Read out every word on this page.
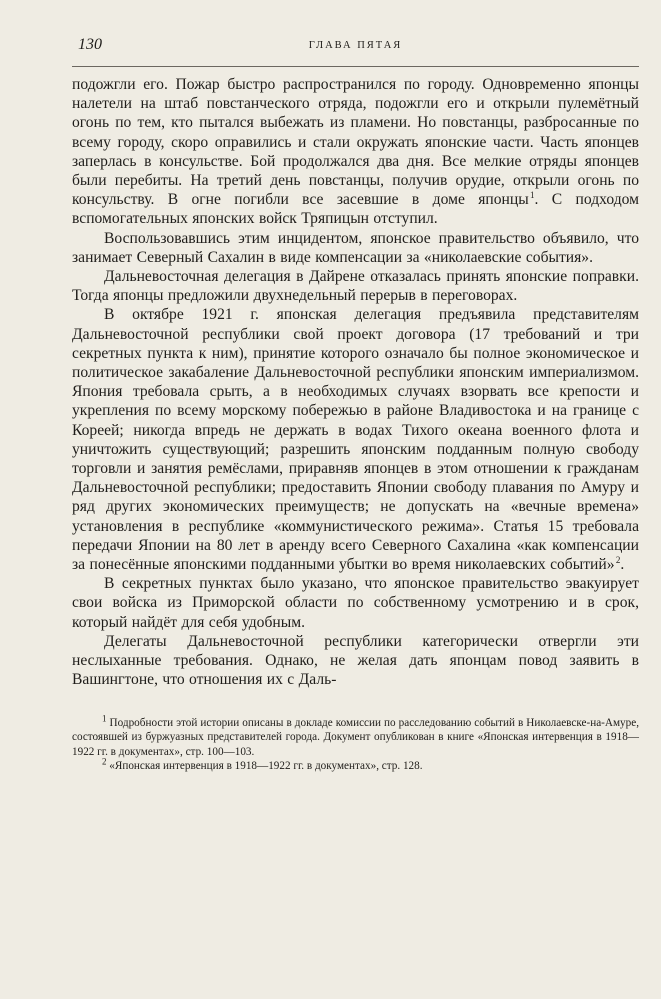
130	ГЛАВА ПЯТАЯ

подожгли его. Пожар быстро распространился по городу. Одновременно японцы налетели на штаб повстанческого отряда, подожгли его и открыли пулемётный огонь по тем, кто пытался выбежать из пламени. Но повстанцы, разбросанные по всему городу, скоро оправились и стали окружать японские части. Часть японцев заперлась в консульстве. Бой продолжался два дня. Все мелкие отряды японцев были перебиты. На третий день повстанцы, получив орудие, открыли огонь по консульству. В огне погибли все засевшие в доме японцы $^1$. С подходом вспомогательных японских войск Тряпицын отступил.

Воспользовавшись этим инцидентом, японское правительство объявило, что занимает Северный Сахалин в виде компенсации за «николаевские события».

Дальневосточная делегация в Дайрене отказалась принять японские поправки. Тогда японцы предложили двухнедельный перерыв в переговорах.

В октябре 1921 г. японская делегация предъявила представителям Дальневосточной республики свой проект договора (17 требований и три секретных пункта к ним), принятие которого означало бы полное экономическое и политическое закабаление Дальневосточной республики японским империализмом. Япония требовала срыть, а в необходимых случаях взорвать все крепости и укрепления по всему морскому побережью в районе Владивостока и на границе с Кореей; никогда впредь не держать в водах Тихого океана военного флота и уничтожить существующий; разрешить японским подданным полную свободу торговли и занятия ремёслами, приравняв японцев в этом отношении к гражданам Дальневосточной республики; предоставить Японии свободу плавания по Амуру и ряд других экономических преимуществ; не допускать на «вечные времена» установления в республике «коммунистического режима». Статья 15 требовала передачи Японии на 80 лет в аренду всего Северного Сахалина «как компенсации за понесённые японскими подданными убытки во время николаевских событий» $^2$.

В секретных пунктах было указано, что японское правительство эвакуирует свои войска из Приморской области по собственному усмотрению и в срок, который найдёт для себя удобным.

Делегаты Дальневосточной республики категорически отвергли эти неслыханные требования. Однако, не желая дать японцам повод заявить в Вашингтоне, что отношения их с Даль-

$^1$ Подробности этой истории описаны в докладе комиссии по расследованию событий в Николаевске-на-Амуре, состоявшей из буржуазных представителей города. Документ опубликован в книге «Японская интервенция в 1918—1922 гг. в документах», стр. 100—103.

$^2$ «Японская интервенция в 1918—1922 гг. в документах», стр. 128.
